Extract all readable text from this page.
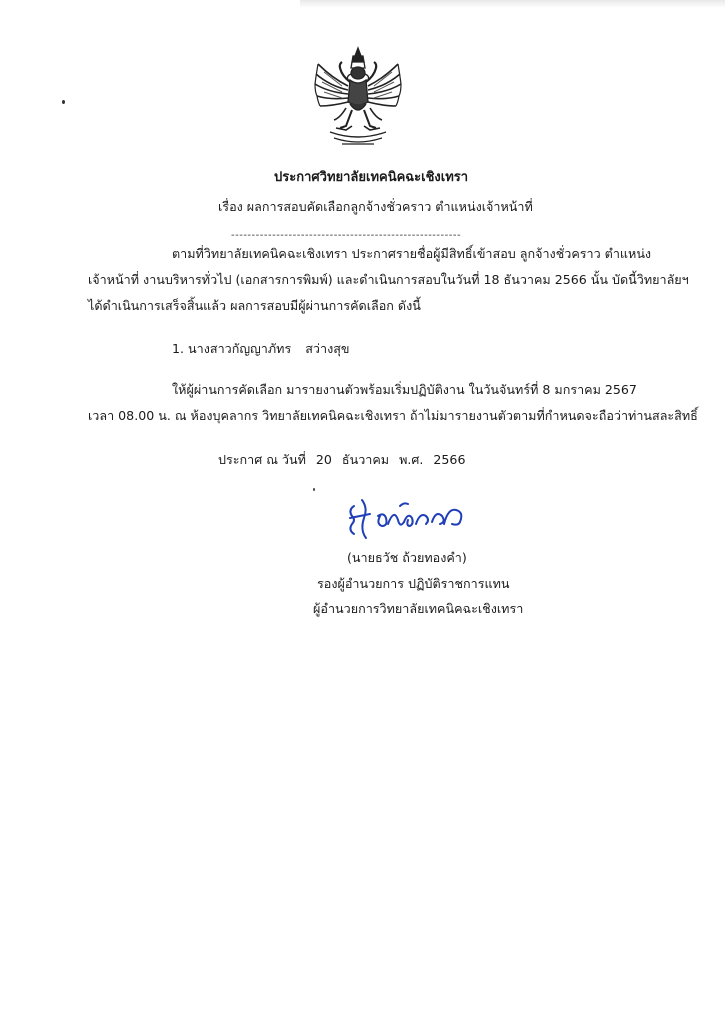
ประกาศวิทยาลัยเทคนิคฉะเชิงเทรา
เรื่อง ผลการสอบคัดเลือกลูกจ้างชั่วคราว ตำแหน่งเจ้าหน้าที่
--------------------------------------------------------
ตามที่วิทยาลัยเทคนิคฉะเชิงเทรา ประกาศรายชื่อผู้มีสิทธิ์เข้าสอบ ลูกจ้างชั่วคราว ตำแหน่ง
เจ้าหน้าที่ งานบริหารทั่วไป (เอกสารการพิมพ์) และดำเนินการสอบในวันที่ 18 ธันวาคม 2566 นั้น บัดนี้วิทยาลัยฯ
ได้ดำเนินการเสร็จสิ้นแล้ว ผลการสอบมีผู้ผ่านการคัดเลือก ดังนี้
1. นางสาวกัญญาภัทร สว่างสุข
ให้ผู้ผ่านการคัดเลือก มารายงานตัวพร้อมเริ่มปฏิบัติงาน ในวันจันทร์ที่ 8 มกราคม 2567
เวลา 08.00 น. ณ ห้องบุคลากร วิทยาลัยเทคนิคฉะเชิงเทรา ถ้าไม่มารายงานตัวตามที่กำหนดจะถือว่าท่านสละสิทธิ์
ประกาศ ณ วันที่ 20 ธันวาคม พ.ศ. 2566
(นายธวัช ถ้วยทองคำ)
รองผู้อำนวยการ ปฏิบัติราชการแทน
ผู้อำนวยการวิทยาลัยเทคนิคฉะเชิงเทรา
